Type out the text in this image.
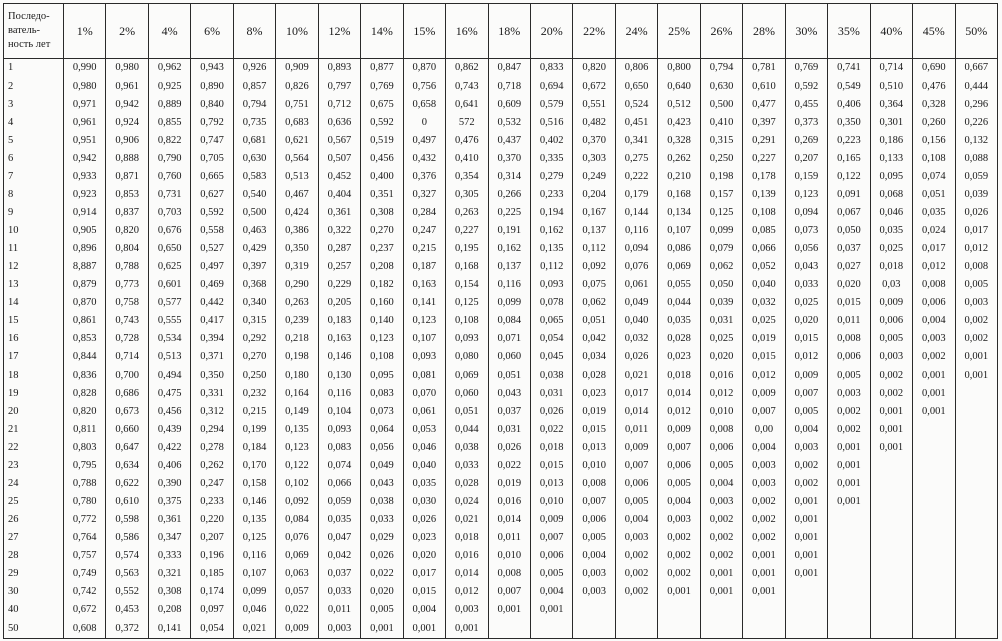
Последо-ватель-ность лет	1%	2%	4%	6%	8%	10%	12%	14%	15%	16%	18%	20%	22%	24%	25%	26%	28%	30%	35%	40%	45%	50%
1	0,990	0,980	0,962	0,943	0,926	0,909	0,893	0,877	0,870	0,862	0,847	0,833	0,820	0,806	0,800	0,794	0,781	0,769	0,741	0,714	0,690	0,667
2	0,980	0,961	0,925	0,890	0,857	0,826	0,797	0,769	0,756	0,743	0,718	0,694	0,672	0,650	0,640	0,630	0,610	0,592	0,549	0,510	0,476	0,444
3	0,971	0,942	0,889	0,840	0,794	0,751	0,712	0,675	0,658	0,641	0,609	0,579	0,551	0,524	0,512	0,500	0,477	0,455	0,406	0,364	0,328	0,296
4	0,961	0,924	0,855	0,792	0,735	0,683	0,636	0,592	0	572	0,532	0,516	0,482	0,451	0,423	0,410	0,397	0,373	0,350	0,301	0,260	0,226
5	0,951	0,906	0,822	0,747	0,681	0,621	0,567	0,519	0,497	0,476	0,437	0,402	0,370	0,341	0,328	0,315	0,291	0,269	0,223	0,186	0,156	0,132
6	0,942	0,888	0,790	0,705	0,630	0,564	0,507	0,456	0,432	0,410	0,370	0,335	0,303	0,275	0,262	0,250	0,227	0,207	0,165	0,133	0,108	0,088
7	0,933	0,871	0,760	0,665	0,583	0,513	0,452	0,400	0,376	0,354	0,314	0,279	0,249	0,222	0,210	0,198	0,178	0,159	0,122	0,095	0,074	0,059
8	0,923	0,853	0,731	0,627	0,540	0,467	0,404	0,351	0,327	0,305	0,266	0,233	0,204	0,179	0,168	0,157	0,139	0,123	0,091	0,068	0,051	0,039
9	0,914	0,837	0,703	0,592	0,500	0,424	0,361	0,308	0,284	0,263	0,225	0,194	0,167	0,144	0,134	0,125	0,108	0,094	0,067	0,046	0,035	0,026
10	0,905	0,820	0,676	0,558	0,463	0,386	0,322	0,270	0,247	0,227	0,191	0,162	0,137	0,116	0,107	0,099	0,085	0,073	0,050	0,035	0,024	0,017
11	0,896	0,804	0,650	0,527	0,429	0,350	0,287	0,237	0,215	0,195	0,162	0,135	0,112	0,094	0,086	0,079	0,066	0,056	0,037	0,025	0,017	0,012
12	8,887	0,788	0,625	0,497	0,397	0,319	0,257	0,208	0,187	0,168	0,137	0,112	0,092	0,076	0,069	0,062	0,052	0,043	0,027	0,018	0,012	0,008
13	0,879	0,773	0,601	0,469	0,368	0,290	0,229	0,182	0,163	0,154	0,116	0,093	0,075	0,061	0,055	0,050	0,040	0,033	0,020	0,03	0,008	0,005
14	0,870	0,758	0,577	0,442	0,340	0,263	0,205	0,160	0,141	0,125	0,099	0,078	0,062	0,049	0,044	0,039	0,032	0,025	0,015	0,009	0,006	0,003
15	0,861	0,743	0,555	0,417	0,315	0,239	0,183	0,140	0,123	0,108	0,084	0,065	0,051	0,040	0,035	0,031	0,025	0,020	0,011	0,006	0,004	0,002
16	0,853	0,728	0,534	0,394	0,292	0,218	0,163	0,123	0,107	0,093	0,071	0,054	0,042	0,032	0,028	0,025	0,019	0,015	0,008	0,005	0,003	0,002
17	0,844	0,714	0,513	0,371	0,270	0,198	0,146	0,108	0,093	0,080	0,060	0,045	0,034	0,026	0,023	0,020	0,015	0,012	0,006	0,003	0,002	0,001
18	0,836	0,700	0,494	0,350	0,250	0,180	0,130	0,095	0,081	0,069	0,051	0,038	0,028	0,021	0,018	0,016	0,012	0,009	0,005	0,002	0,001	0,001
19	0,828	0,686	0,475	0,331	0,232	0,164	0,116	0,083	0,070	0,060	0,043	0,031	0,023	0,017	0,014	0,012	0,009	0,007	0,003	0,002	0,001	
20	0,820	0,673	0,456	0,312	0,215	0,149	0,104	0,073	0,061	0,051	0,037	0,026	0,019	0,014	0,012	0,010	0,007	0,005	0,002	0,001	0,001	
21	0,811	0,660	0,439	0,294	0,199	0,135	0,093	0,064	0,053	0,044	0,031	0,022	0,015	0,011	0,009	0,008	0,00	0,004	0,002	0,001		
22	0,803	0,647	0,422	0,278	0,184	0,123	0,083	0,056	0,046	0,038	0,026	0,018	0,013	0,009	0,007	0,006	0,004	0,003	0,001	0,001		
23	0,795	0,634	0,406	0,262	0,170	0,122	0,074	0,049	0,040	0,033	0,022	0,015	0,010	0,007	0,006	0,005	0,003	0,002	0,001			
24	0,788	0,622	0,390	0,247	0,158	0,102	0,066	0,043	0,035	0,028	0,019	0,013	0,008	0,006	0,005	0,004	0,003	0,002	0,001			
25	0,780	0,610	0,375	0,233	0,146	0,092	0,059	0,038	0,030	0,024	0,016	0,010	0,007	0,005	0,004	0,003	0,002	0,001	0,001			
26	0,772	0,598	0,361	0,220	0,135	0,084	0,035	0,033	0,026	0,021	0,014	0,009	0,006	0,004	0,003	0,002	0,002	0,001				
27	0,764	0,586	0,347	0,207	0,125	0,076	0,047	0,029	0,023	0,018	0,011	0,007	0,005	0,003	0,002	0,002	0,002	0,001				
28	0,757	0,574	0,333	0,196	0,116	0,069	0,042	0,026	0,020	0,016	0,010	0,006	0,004	0,002	0,002	0,002	0,001	0,001				
29	0,749	0,563	0,321	0,185	0,107	0,063	0,037	0,022	0,017	0,014	0,008	0,005	0,003	0,002	0,002	0,001	0,001	0,001				
30	0,742	0,552	0,308	0,174	0,099	0,057	0,033	0,020	0,015	0,012	0,007	0,004	0,003	0,002	0,001	0,001	0,001					
40	0,672	0,453	0,208	0,097	0,046	0,022	0,011	0,005	0,004	0,003	0,001	0,001										
50	0,608	0,372	0,141	0,054	0,021	0,009	0,003	0,001	0,001	0,001												
